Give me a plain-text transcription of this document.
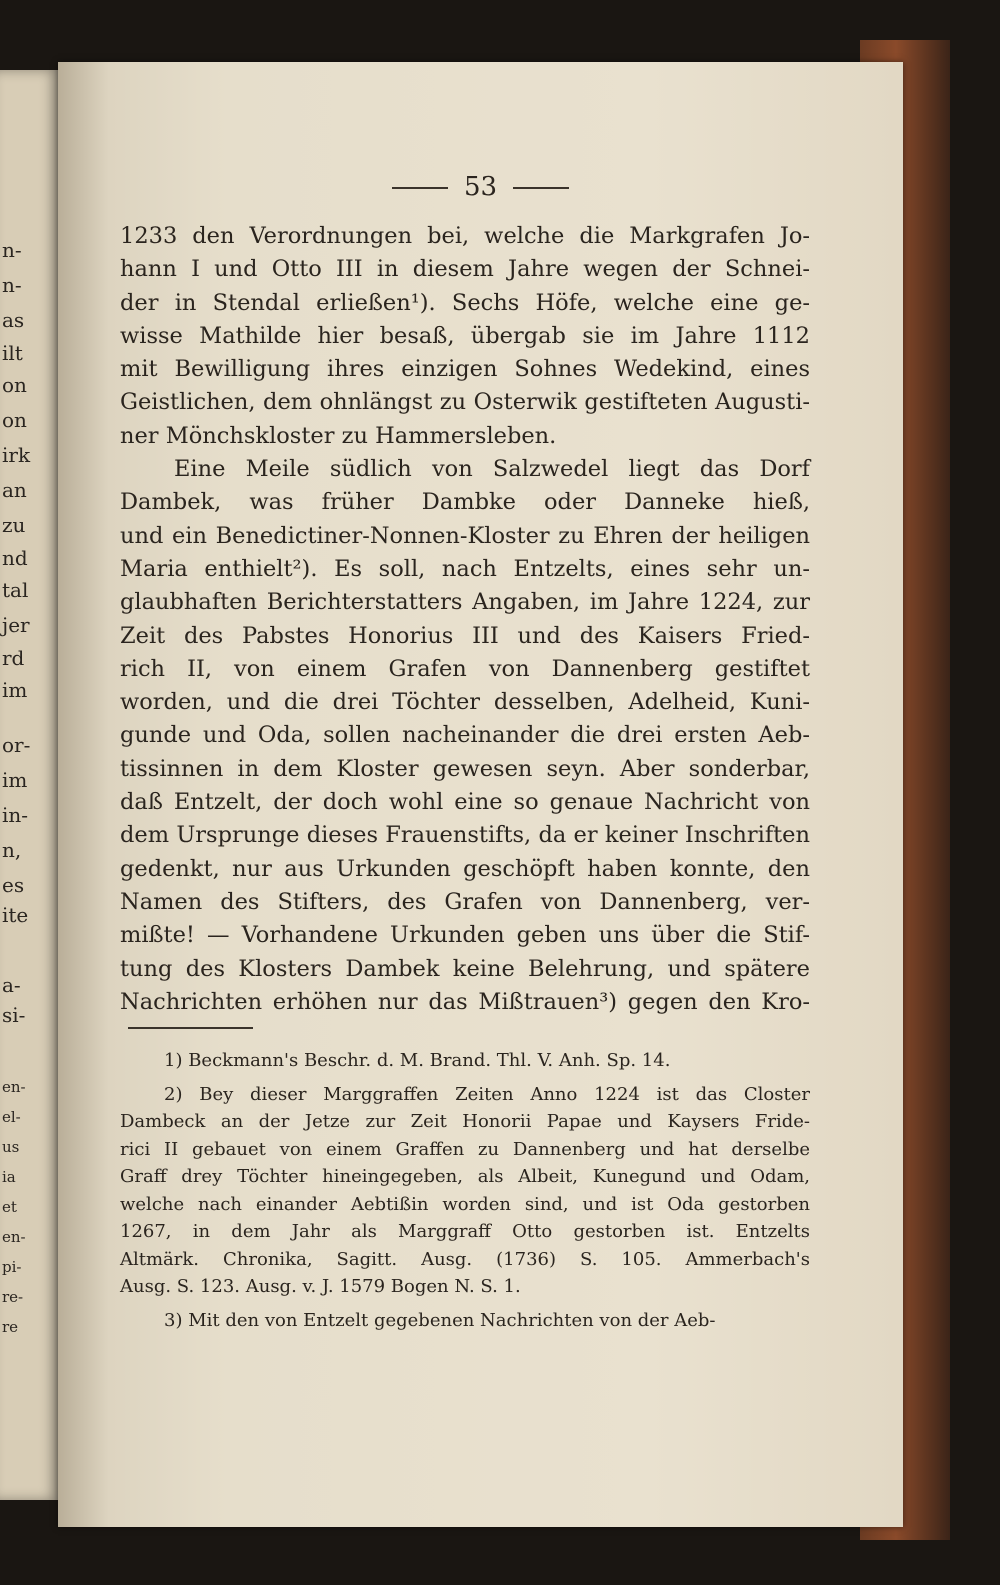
n-
n-
as
ilt
on
on
irk
an
zu
nd
tal
jer
rd
im
or-
im
in-
n,
es
ite
a-
si-
en-
el-
us
ia
et
en-
pi-
re-
re
53

1233 den Verordnungen bei, welche die Markgrafen Jo-
hann I und Otto III in diesem Jahre wegen der Schnei-
der in Stendal erließen¹). Sechs Höfe, welche eine ge-
wisse Mathilde hier besaß, übergab sie im Jahre 1112
mit Bewilligung ihres einzigen Sohnes Wedekind, eines
Geistlichen, dem ohnlängst zu Osterwik gestifteten Augusti-
ner Mönchskloster zu Hammersleben.

Eine Meile südlich von Salzwedel liegt das Dorf
Dambek, was früher Dambke oder Danneke hieß,
und ein Benedictiner-Nonnen-Kloster zu Ehren der heiligen
Maria enthielt²). Es soll, nach Entzelts, eines sehr un-
glaubhaften Berichterstatters Angaben, im Jahre 1224, zur
Zeit des Pabstes Honorius III und des Kaisers Fried-
rich II, von einem Grafen von Dannenberg gestiftet
worden, und die drei Töchter desselben, Adelheid, Kuni-
gunde und Oda, sollen nacheinander die drei ersten Aeb-
tissinnen in dem Kloster gewesen seyn. Aber sonderbar,
daß Entzelt, der doch wohl eine so genaue Nachricht von
dem Ursprunge dieses Frauenstifts, da er keiner Inschriften
gedenkt, nur aus Urkunden geschöpft haben konnte, den
Namen des Stifters, des Grafen von Dannenberg, ver-
mißte! — Vorhandene Urkunden geben uns über die Stif-
tung des Klosters Dambek keine Belehrung, und spätere
Nachrichten erhöhen nur das Mißtrauen³) gegen den Kro-

1) Beckmann's Beschr. d. M. Brand. Thl. V. Anh. Sp. 14.
2) Bey dieser Marggraffen Zeiten Anno 1224 ist das Closter
Dambeck an der Jetze zur Zeit Honorii Papae und Kaysers Fride-
rici II gebauet von einem Graffen zu Dannenberg und hat derselbe
Graff drey Töchter hineingegeben, als Albeit, Kunegund und Odam,
welche nach einander Aebtißin worden sind, und ist Oda gestorben
1267, in dem Jahr als Marggraff Otto gestorben ist. Entzelts
Altmärk. Chronika, Sagitt. Ausg. (1736) S. 105. Ammerbach's
Ausg. S. 123. Ausg. v. J. 1579 Bogen N. S. 1.
3) Mit den von Entzelt gegebenen Nachrichten von der Aeb-
